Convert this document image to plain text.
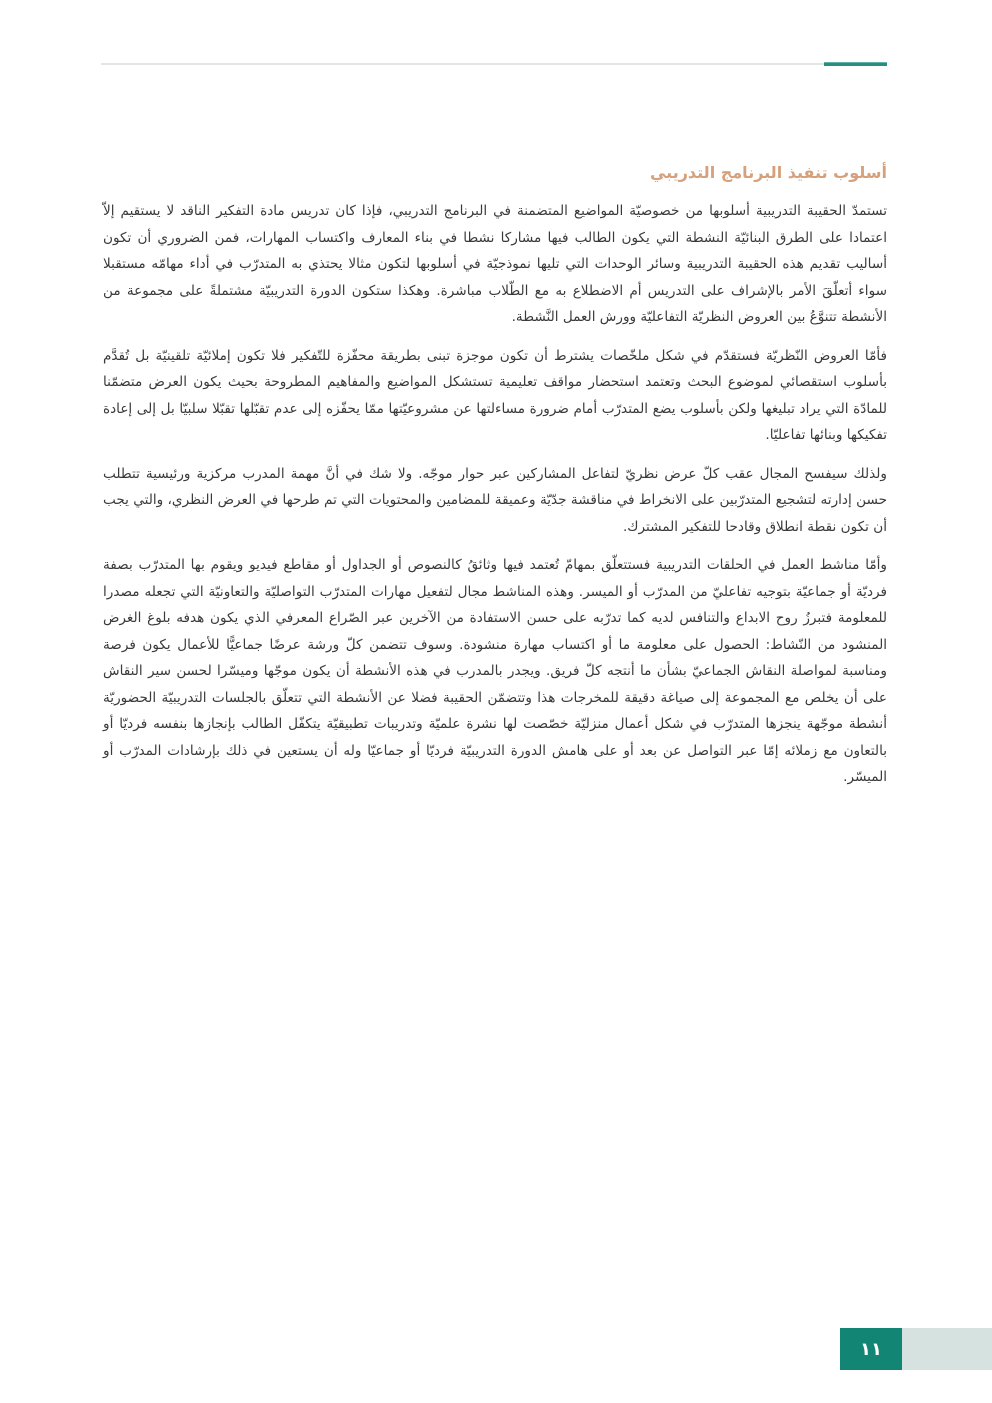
أسلوب تنفيذ البرنامج التدريبي

تستمدّ الحقيبة التدريبية أسلوبها من خصوصيّة المواضيع المتضمنة في البرنامج التدريبي، فإذا كان تدريس مادة التفكير الناقد لا يستقيم إلاّ اعتمادا على الطرق البنائيّة النشطة التي يكون الطالب فيها مشاركا نشطا في بناء المعارف واكتساب المهارات، فمن الضروري أن تكون أساليب تقديم هذه الحقيبة التدريبية وسائر الوحدات التي تليها نموذجيّة في أسلوبها لتكون مثالا يحتذي به المتدرّب في أداء مهامّه مستقبلا سواء أتعلّقَ الأمر بالإشراف على التدريس أم الاضطلاع به مع الطّلاب مباشرة. وهكذا ستكون الدورة التدريبيّة مشتملةً على مجموعة من الأنشطة تتنوَّعُ بين العروض النظريّة التفاعليّة وورش العمل النَّشطة.

فأمّا العروض النّظريّة فستقدّم في شكل ملخّصات يشترط أن تكون موجزة تبنى بطريقة محفّزة للتّفكير فلا تكون إملائيّة تلقينيّة بل تُقدَّم بأسلوب استقصائي لموضوع البحث وتعتمد استحضار مواقف تعليمية تستشكل المواضيع والمفاهيم المطروحة بحيث يكون العرض متضمّنا للمادّة التي يراد تبليغها ولكن بأسلوب يضع المتدرّب أمام ضرورة مساءلتها عن مشروعيّتها ممّا يحفّزه إلى عدم تقبّلها تقبّلا سلبيّا بل إلى إعادة تفكيكها وبنائها تفاعليّا.

ولذلك سيفسح المجال عقب كلّ عرض نظريّ لتفاعل المشاركين عبر حوار موجّه. ولا شك في أنَّ مهمة المدرب مركزية ورئيسية تتطلب حسن إدارته لتشجيع المتدرّبين على الانخراط في مناقشة جدّيّة وعميقة للمضامين والمحتويات التي تم طرحها في العرض النظري، والتي يجب أن تكون نقطة انطلاق وقادحا للتفكير المشترك.

وأمّا مناشط العمل في الحلقات التدريبية فستتعلّق بمهامّ تُعتمد فيها وثائقُ كالنصوص أو الجداول أو مقاطع فيديو ويقوم بها المتدرّب بصفة فرديّة أو جماعيّة بتوجيه تفاعليّ من المدرّب أو الميسر. وهذه المناشط مجال لتفعيل مهارات المتدرّب التواصليّة والتعاونيّة التي تجعله مصدرا للمعلومة فتبرزُ روح الابداع والتنافس لديه كما تدرّبه على حسن الاستفادة من الآخرين عبر الصّراع المعرفي الذي يكون هدفه بلوغ الغرض المنشود من النّشاط: الحصول على معلومة ما أو اكتساب مهارة منشودة. وسوف تتضمن كلّ ورشة عرضًا جماعيًّا للأعمال يكون فرصة ومناسبة لمواصلة النقاش الجماعيّ بشأن ما أنتجه كلّ فريق. ويجدر بالمدرب في هذه الأنشطة أن يكون موجّها وميسّرا لحسن سير النقاش على أن يخلص مع المجموعة إلى صياغة دقيقة للمخرجات هذا وتتضمّن الحقيبة فضلا عن الأنشطة التي تتعلّق بالجلسات التدريبيّة الحضوريّة أنشطة موجّهة ينجزها المتدرّب في شكل أعمال منزليّة خصّصت لها نشرة علميّة وتدريبات تطبيقيّة يتكفّل الطالب بإنجازها بنفسه فرديّا أو بالتعاون مع زملائه إمّا عبر التواصل عن بعد أو على هامش الدورة التدريبيّة فرديّا أو جماعيّا وله أن يستعين في ذلك بإرشادات المدرّب أو الميسّر.

١١
